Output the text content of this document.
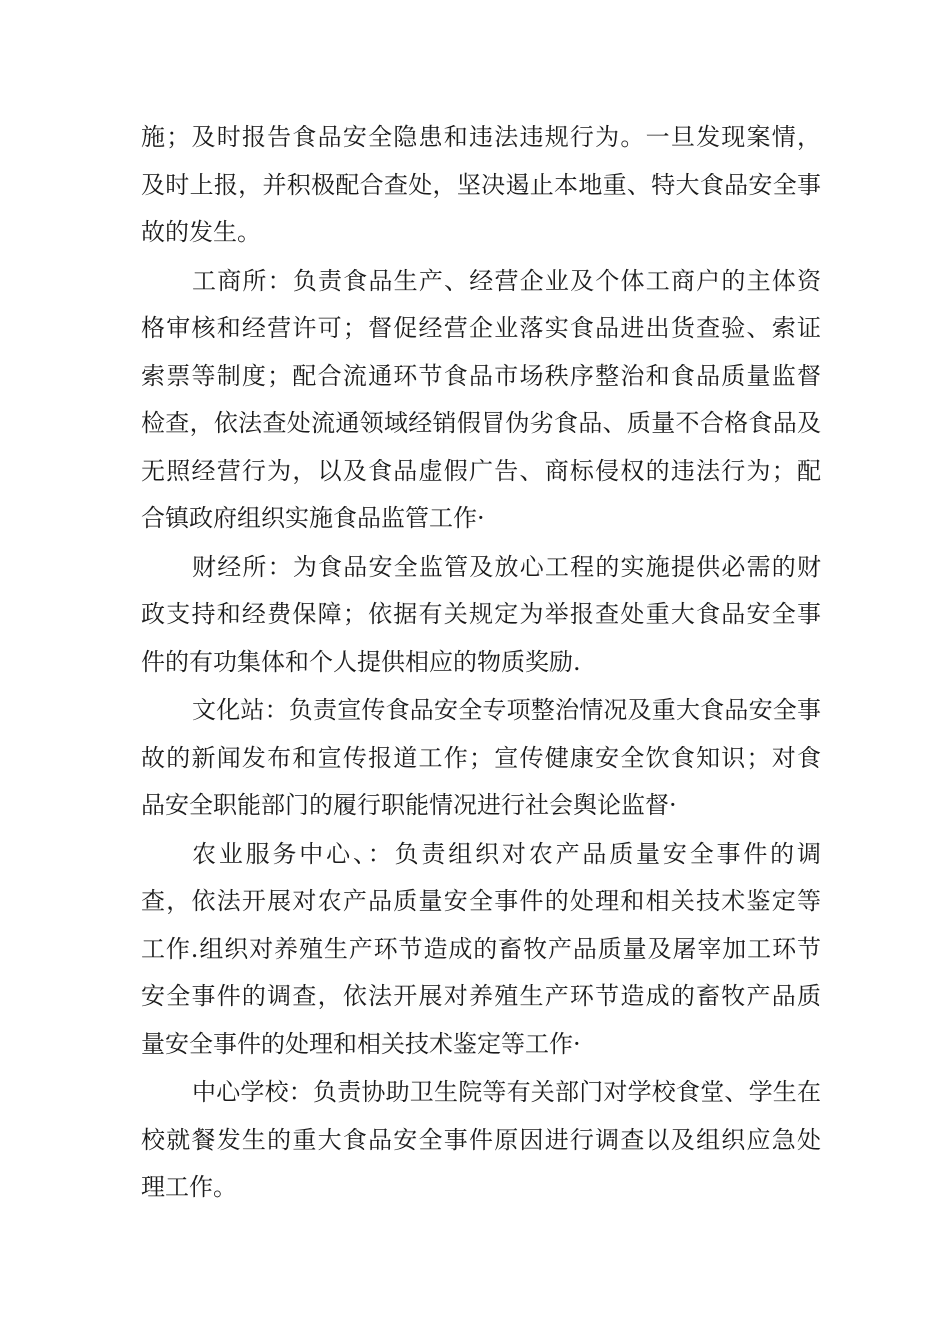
施；及时报告食品安全隐患和违法违规行为。一旦发现案情，
及时上报，并积极配合查处，坚决遏止本地重、特大食品安全事
故的发生。
工商所：负责食品生产、经营企业及个体工商户的主体资
格审核和经营许可；督促经营企业落实食品进出货查验、索证
索票等制度；配合流通环节食品市场秩序整治和食品质量监督
检查，依法查处流通领域经销假冒伪劣食品、质量不合格食品及
无照经营行为，以及食品虚假广告、商标侵权的违法行为；配
合镇政府组织实施食品监管工作·
财经所：为食品安全监管及放心工程的实施提供必需的财
政支持和经费保障；依据有关规定为举报查处重大食品安全事
件的有功集体和个人提供相应的物质奖励.
文化站：负责宣传食品安全专项整治情况及重大食品安全事
故的新闻发布和宣传报道工作；宣传健康安全饮食知识；对食
品安全职能部门的履行职能情况进行社会舆论监督·
农业服务中心、：负责组织对农产品质量安全事件的调
查，依法开展对农产品质量安全事件的处理和相关技术鉴定等
工作.组织对养殖生产环节造成的畜牧产品质量及屠宰加工环节
安全事件的调查，依法开展对养殖生产环节造成的畜牧产品质
量安全事件的处理和相关技术鉴定等工作·
中心学校：负责协助卫生院等有关部门对学校食堂、学生在
校就餐发生的重大食品安全事件原因进行调查以及组织应急处
理工作。
